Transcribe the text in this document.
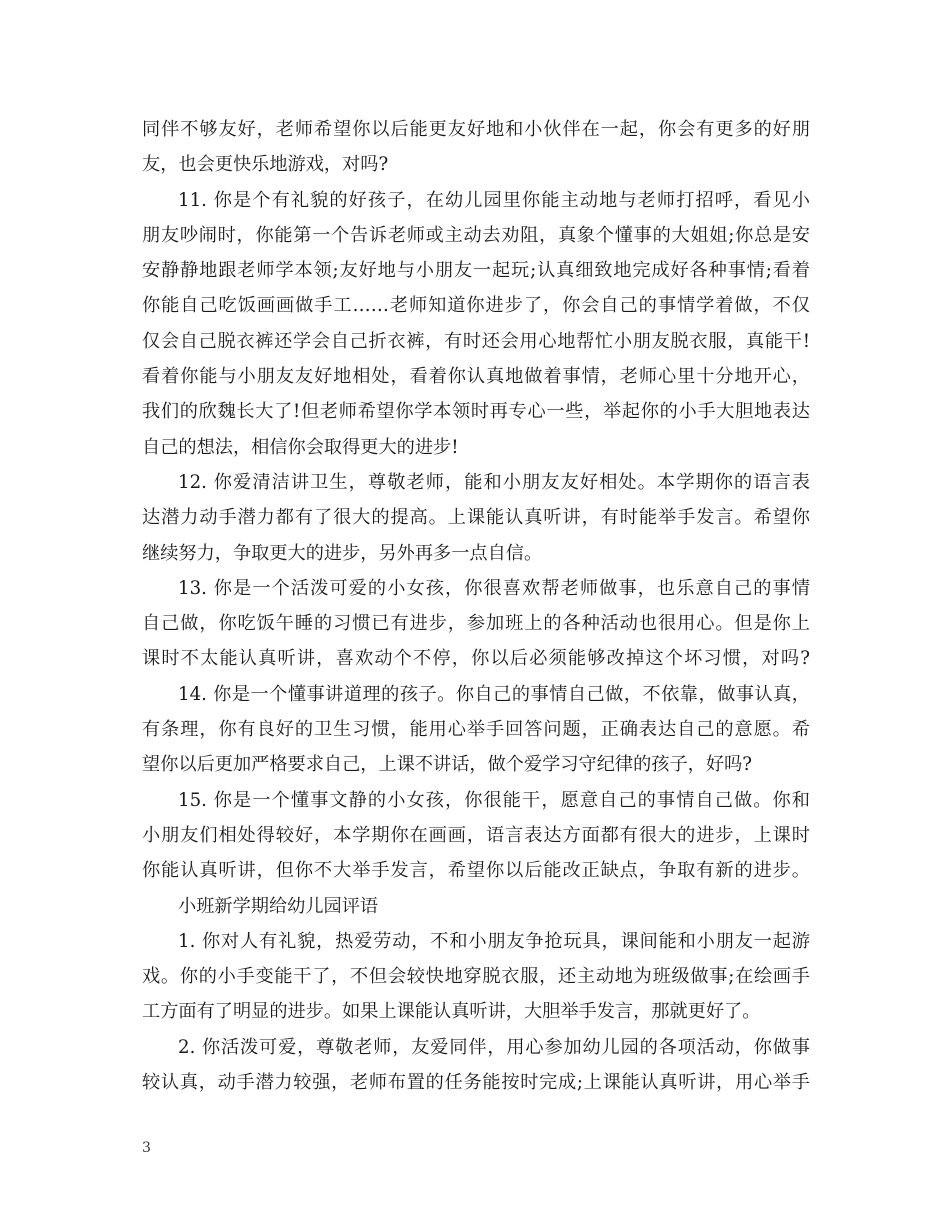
同伴不够友好，老师希望你以后能更友好地和小伙伴在一起，你会有更多的好朋
友，也会更快乐地游戏，对吗?
11. 你是个有礼貌的好孩子，在幼儿园里你能主动地与老师打招呼，看见小
朋友吵闹时，你能第一个告诉老师或主动去劝阻，真象个懂事的大姐姐;你总是安
安静静地跟老师学本领;友好地与小朋友一起玩;认真细致地完成好各种事情;看着
你能自己吃饭画画做手工……老师知道你进步了，你会自己的事情学着做，不仅
仅会自己脱衣裤还学会自己折衣裤，有时还会用心地帮忙小朋友脱衣服，真能干!
看着你能与小朋友友好地相处，看着你认真地做着事情，老师心里十分地开心，
我们的欣魏长大了!但老师希望你学本领时再专心一些，举起你的小手大胆地表达
自己的想法，相信你会取得更大的进步!
12. 你爱清洁讲卫生，尊敬老师，能和小朋友友好相处。本学期你的语言表
达潜力动手潜力都有了很大的提高。上课能认真听讲，有时能举手发言。希望你
继续努力，争取更大的进步，另外再多一点自信。
13. 你是一个活泼可爱的小女孩，你很喜欢帮老师做事，也乐意自己的事情
自己做，你吃饭午睡的习惯已有进步，参加班上的各种活动也很用心。但是你上
课时不太能认真听讲，喜欢动个不停，你以后必须能够改掉这个坏习惯，对吗?
14. 你是一个懂事讲道理的孩子。你自己的事情自己做，不依靠，做事认真，
有条理，你有良好的卫生习惯，能用心举手回答问题，正确表达自己的意愿。希
望你以后更加严格要求自己，上课不讲话，做个爱学习守纪律的孩子，好吗?
15. 你是一个懂事文静的小女孩，你很能干，愿意自己的事情自己做。你和
小朋友们相处得较好，本学期你在画画，语言表达方面都有很大的进步，上课时
你能认真听讲，但你不大举手发言，希望你以后能改正缺点，争取有新的进步。
小班新学期给幼儿园评语
1. 你对人有礼貌，热爱劳动，不和小朋友争抢玩具，课间能和小朋友一起游
戏。你的小手变能干了，不但会较快地穿脱衣服，还主动地为班级做事;在绘画手
工方面有了明显的进步。如果上课能认真听讲，大胆举手发言，那就更好了。
2. 你活泼可爱，尊敬老师，友爱同伴，用心参加幼儿园的各项活动，你做事
较认真，动手潜力较强，老师布置的任务能按时完成;上课能认真听讲，用心举手
3
